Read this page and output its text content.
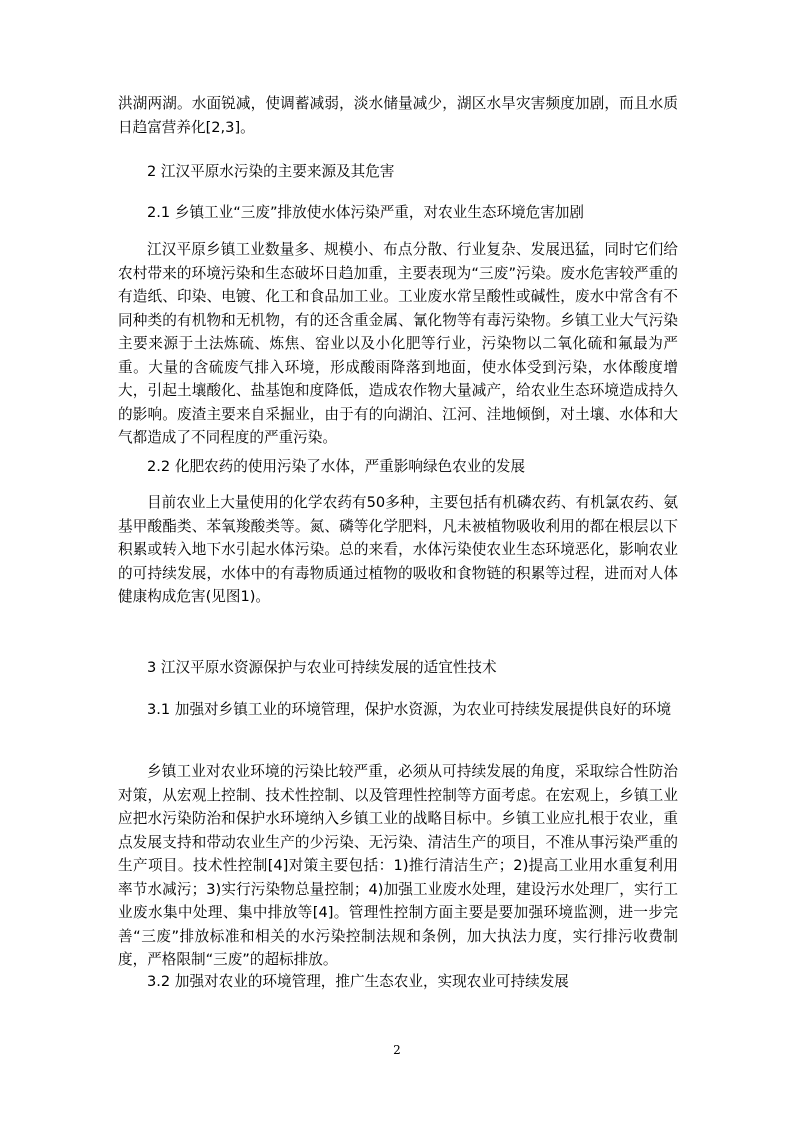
洪湖两湖。水面锐减，使调蓄减弱，淡水储量减少，湖区水旱灾害频度加剧，而且水质日趋富营养化[2,3]。

2 江汉平原水污染的主要来源及其危害

2.1 乡镇工业“三废”排放使水体污染严重，对农业生态环境危害加剧

江汉平原乡镇工业数量多、规模小、布点分散、行业复杂、发展迅猛，同时它们给农村带来的环境污染和生态破坏日趋加重，主要表现为“三废”污染。废水危害较严重的有造纸、印染、电镀、化工和食品加工业。工业废水常呈酸性或碱性，废水中常含有不同种类的有机物和无机物，有的还含重金属、氰化物等有毒污染物。乡镇工业大气污染主要来源于土法炼硫、炼焦、窑业以及小化肥等行业，污染物以二氧化硫和氟最为严重。大量的含硫废气排入环境，形成酸雨降落到地面，使水体受到污染，水体酸度增大，引起土壤酸化、盐基饱和度降低，造成农作物大量减产，给农业生态环境造成持久的影响。废渣主要来自采掘业，由于有的向湖泊、江河、洼地倾倒，对土壤、水体和大气都造成了不同程度的严重污染。

2.2 化肥农药的使用污染了水体，严重影响绿色农业的发展

目前农业上大量使用的化学农药有50多种，主要包括有机磷农药、有机氯农药、氨基甲酸酯类、苯氧羧酸类等。氮、磷等化学肥料，凡未被植物吸收利用的都在根层以下积累或转入地下水引起水体污染。总的来看，水体污染使农业生态环境恶化，影响农业的可持续发展，水体中的有毒物质通过植物的吸收和食物链的积累等过程，进而对人体健康构成危害(见图1)。

3 江汉平原水资源保护与农业可持续发展的适宜性技术

3.1 加强对乡镇工业的环境管理，保护水资源，为农业可持续发展提供良好的环境

乡镇工业对农业环境的污染比较严重，必须从可持续发展的角度，采取综合性防治对策，从宏观上控制、技术性控制、以及管理性控制等方面考虑。在宏观上，乡镇工业应把水污染防治和保护水环境纳入乡镇工业的战略目标中。乡镇工业应扎根于农业，重点发展支持和带动农业生产的少污染、无污染、清洁生产的项目，不准从事污染严重的生产项目。技术性控制[4]对策主要包括：1)推行清洁生产；2)提高工业用水重复利用率节水减污；3)实行污染物总量控制；4)加强工业废水处理，建设污水处理厂，实行工业废水集中处理、集中排放等[4]。管理性控制方面主要是要加强环境监测，进一步完善“三废”排放标准和相关的水污染控制法规和条例，加大执法力度，实行排污收费制度，严格限制“三废”的超标排放。

3.2 加强对农业的环境管理，推广生态农业，实现农业可持续发展

2
